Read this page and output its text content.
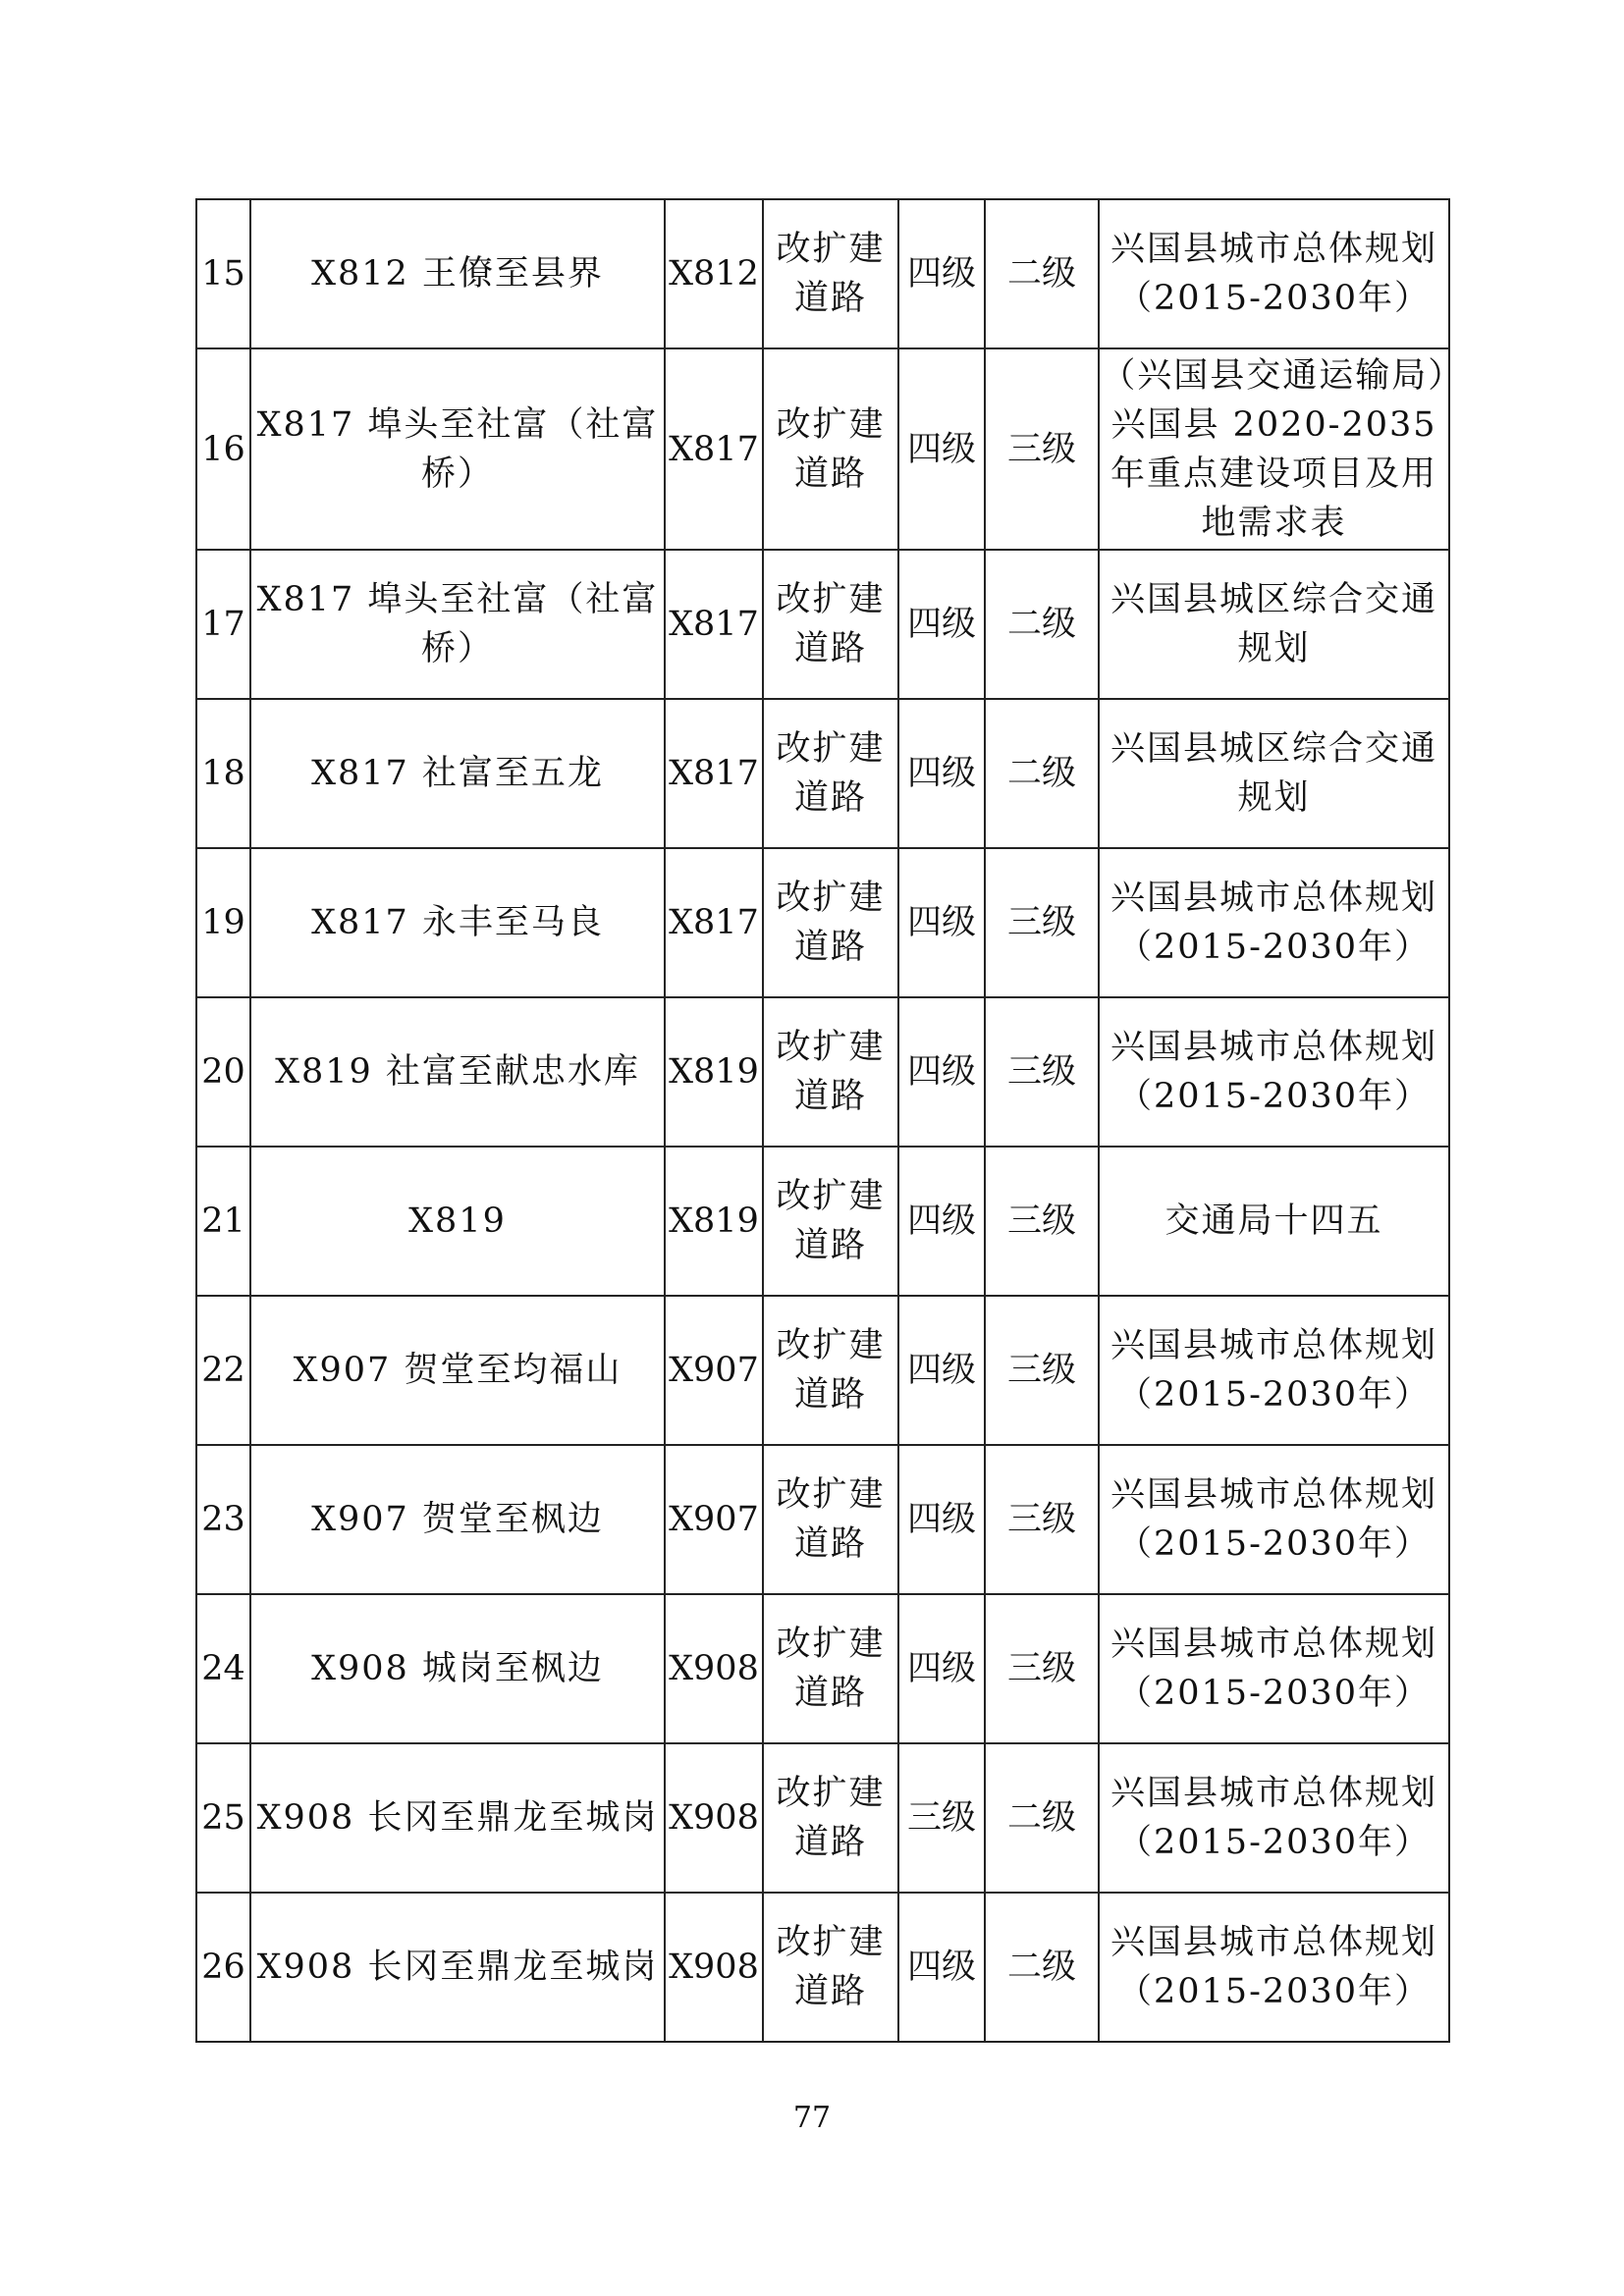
15	X812 王僚至县界	X812	改扩建道路	四级	二级	兴国县城市总体规划（2015-2030年）
16	X817 埠头至社富（社富桥）	X817	改扩建道路	四级	三级	（兴国县交通运输局）兴国县 2020-2035 年重点建设项目及用地需求表
17	X817 埠头至社富（社富桥）	X817	改扩建道路	四级	二级	兴国县城区综合交通规划
18	X817 社富至五龙	X817	改扩建道路	四级	二级	兴国县城区综合交通规划
19	X817 永丰至马良	X817	改扩建道路	四级	三级	兴国县城市总体规划（2015-2030年）
20	X819 社富至献忠水库	X819	改扩建道路	四级	三级	兴国县城市总体规划（2015-2030年）
21	X819	X819	改扩建道路	四级	三级	交通局十四五
22	X907 贺堂至均福山	X907	改扩建道路	四级	三级	兴国县城市总体规划（2015-2030年）
23	X907 贺堂至枫边	X907	改扩建道路	四级	三级	兴国县城市总体规划（2015-2030年）
24	X908 城岗至枫边	X908	改扩建道路	四级	三级	兴国县城市总体规划（2015-2030年）
25	X908 长冈至鼎龙至城岗	X908	改扩建道路	三级	二级	兴国县城市总体规划（2015-2030年）
26	X908 长冈至鼎龙至城岗	X908	改扩建道路	四级	二级	兴国县城市总体规划（2015-2030年）
77
